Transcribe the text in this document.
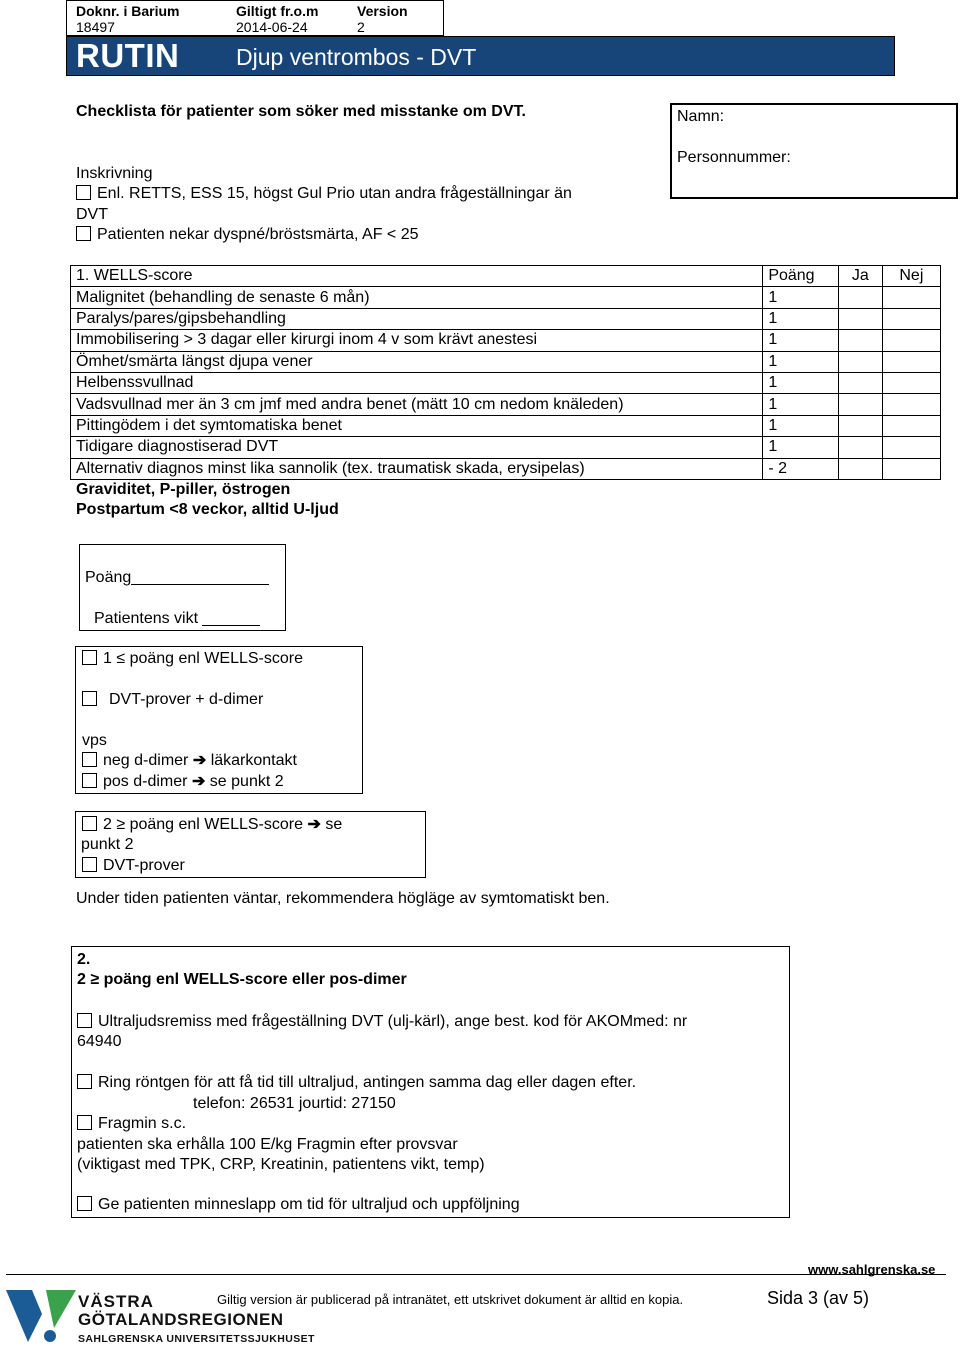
Doknr. i Barium
18497
Giltigt fr.o.m
2014-06-24
Version
2
RUTIN Djup ventrombos - DVT
Checklista för patienter som söker med misstanke om DVT.
Inskrivning
Enl. RETTS, ESS 15, högst Gul Prio utan andra frågeställningar än
DVT
Patienten nekar dyspné/bröstsmärta, AF < 25
Namn:
Personnummer:
1. WELLS-score	Poäng	Ja	Nej
Malignitet (behandling de senaste 6 mån)	1		
Paralys/pares/gipsbehandling	1		
Immobilisering > 3 dagar eller kirurgi inom 4 v som krävt anestesi	1		
Ömhet/smärta längst djupa vener	1		
Helbenssvullnad	1		
Vadsvullnad mer än 3 cm jmf med andra benet (mätt 10 cm nedom knäleden)	1		
Pittingödem i det symtomatiska benet	1		
Tidigare diagnostiserad DVT	1		
Alternativ diagnos minst lika sannolik (tex. traumatisk skada, erysipelas)	- 2		
Graviditet, P-piller, östrogen
Postpartum <8 veckor, alltid U-ljud
Poäng
Patientens vikt
1 ≤ poäng enl WELLS-score
DVT-prover + d-dimer
vps
neg d-dimer ➔ läkarkontakt
pos d-dimer ➔ se punkt 2
2 ≥ poäng enl WELLS-score ➔ se
punkt 2
DVT-prover
Under tiden patienten väntar, rekommendera högläge av symtomatiskt ben.
2.
2 ≥ poäng enl WELLS-score eller pos-dimer
Ultraljudsremiss med frågeställning DVT (ulj-kärl), ange best. kod för AKOMmed: nr
64940
Ring röntgen för att få tid till ultraljud, antingen samma dag eller dagen efter.
telefon: 26531 jourtid: 27150
Fragmin s.c.
patienten ska erhålla 100 E/kg Fragmin efter provsvar
(viktigast med TPK, CRP, Kreatinin, patientens vikt, temp)
Ge patienten minneslapp om tid för ultraljud och uppföljning
www.sahlgrenska.se
VÄSTRA
GÖTALANDSREGIONEN
SAHLGRENSKA UNIVERSITETSSJUKHUSET
Giltig version är publicerad på intranätet, ett utskrivet dokument är alltid en kopia.	Sida 3 (av 5)
